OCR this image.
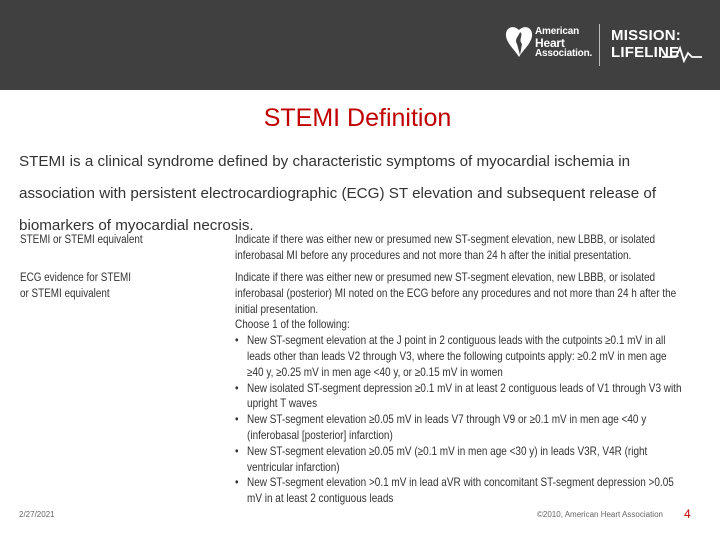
American
Heart
Association.
MISSION:
LIFELINE
STEMI Definition
STEMI is a clinical syndrome defined by characteristic symptoms of myocardial ischemia in association with persistent electrocardiographic (ECG) ST elevation and subsequent release of biomarkers of myocardial necrosis.
STEMI or STEMI equivalent	Indicate if there was either new or presumed new ST-segment elevation, new LBBB, or isolated inferobasal MI before any procedures and not more than 24 h after the initial presentation.
ECG evidence for STEMI
or STEMI equivalent

Indicate if there was either new or presumed new ST-segment elevation, new LBBB, or isolated inferobasal (posterior) MI noted on the ECG before any procedures and not more than 24 h after the initial presentation.

Choose 1 of the following:

• New ST-segment elevation at the J point in 2 contiguous leads with the cutpoints ≥0.1 mV in all leads other than leads V2 through V3, where the following cutpoints apply: ≥0.2 mV in men age ≥40 y, ≥0.25 mV in men age <40 y, or ≥0.15 mV in women
• New isolated ST-segment depression ≥0.1 mV in at least 2 contiguous leads of V1 through V3 with upright T waves
• New ST-segment elevation ≥0.05 mV in leads V7 through V9 or ≥0.1 mV in men age <40 y (inferobasal [posterior] infarction)
• New ST-segment elevation ≥0.05 mV (≥0.1 mV in men age <30 y) in leads V3R, V4R (right ventricular infarction)
• New ST-segment elevation >0.1 mV in lead aVR with concomitant ST-segment depression >0.05 mV in at least 2 contiguous leads
2/27/2021	©2010, American Heart Association 4
